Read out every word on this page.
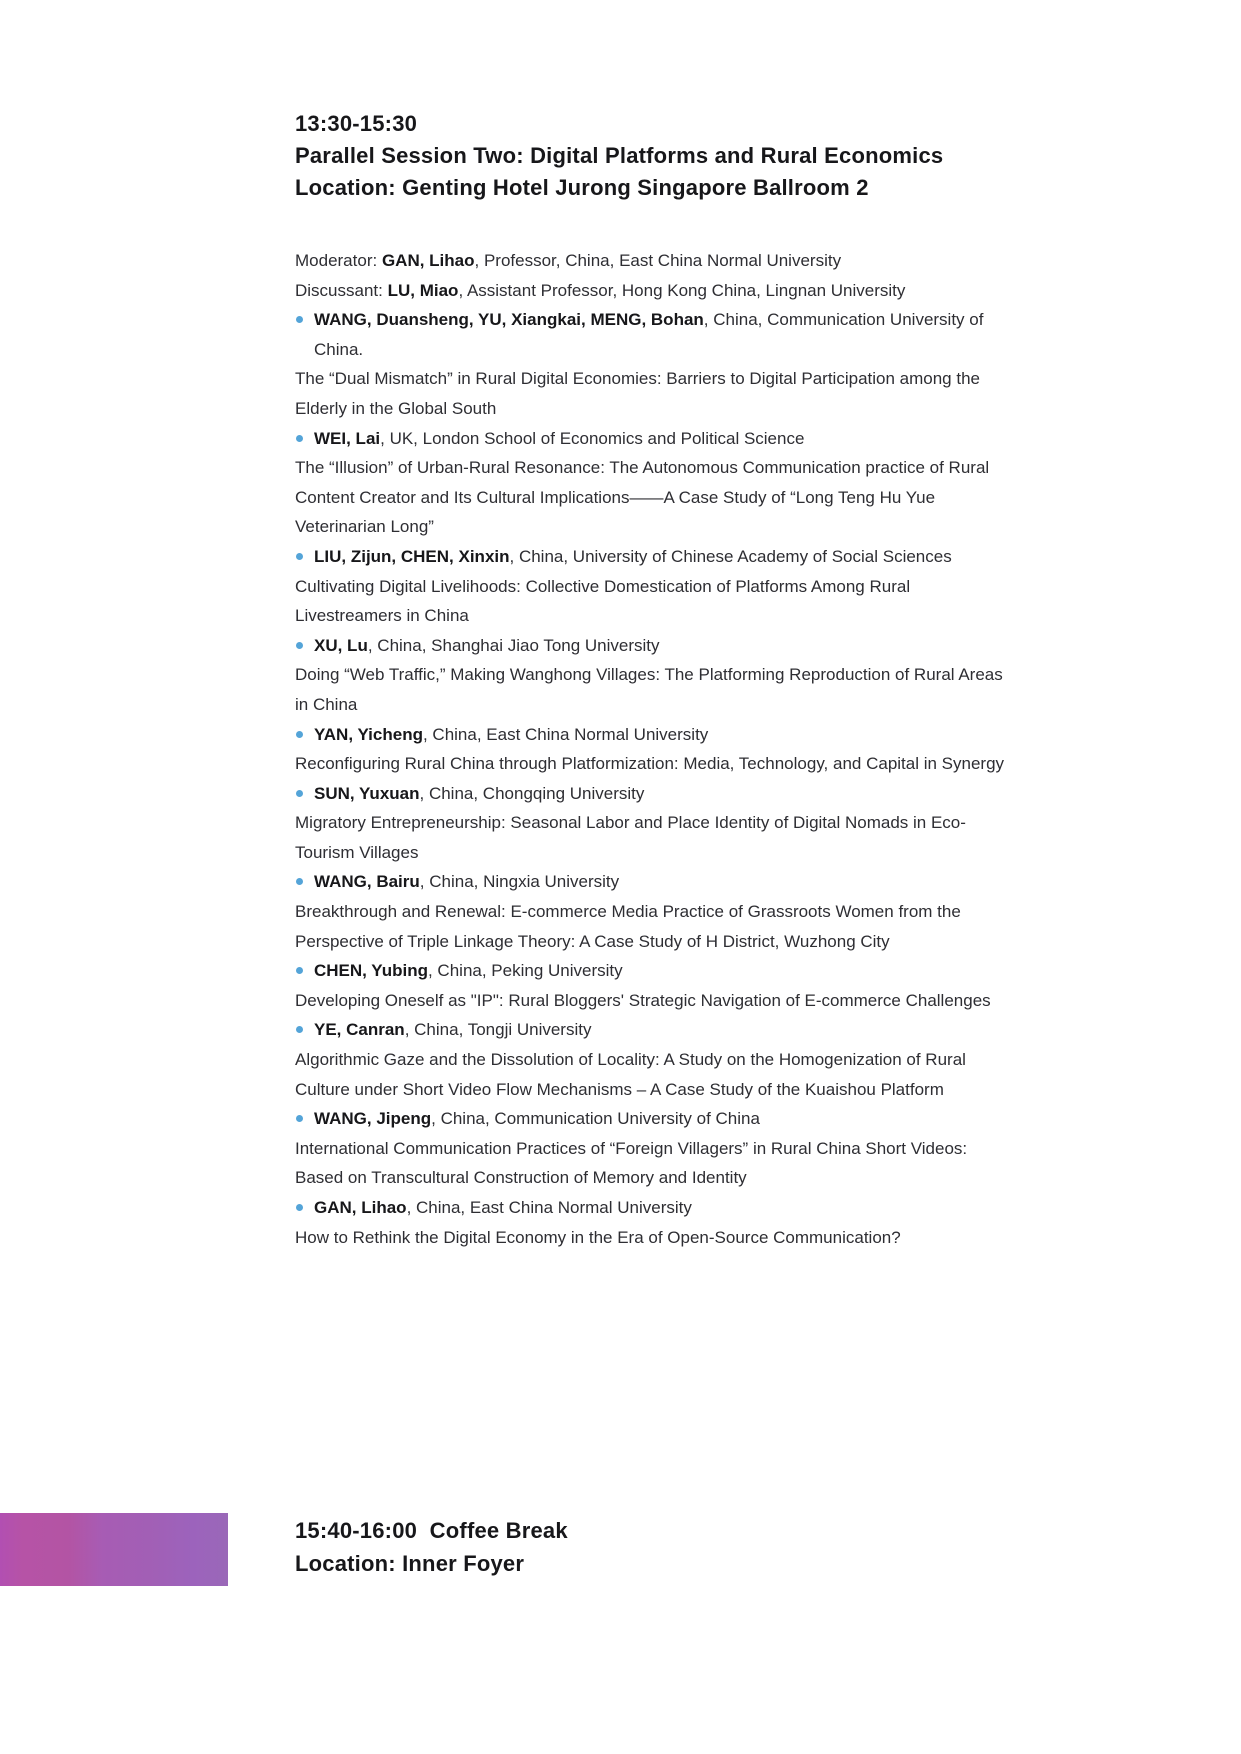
13:30-15:30
Parallel Session Two: Digital Platforms and Rural Economics
Location: Genting Hotel Jurong Singapore Ballroom 2

Moderator: GAN, Lihao, Professor, China, East China Normal University

Discussant: LU, Miao, Assistant Professor, Hong Kong China, Lingnan University

WANG, Duansheng, YU, Xiangkai, MENG, Bohan, China, Communication University of China.

The “Dual Mismatch” in Rural Digital Economies: Barriers to Digital Participation among the Elderly in the Global South

WEI, Lai, UK, London School of Economics and Political Science

The “Illusion” of Urban-Rural Resonance: The Autonomous Communication practice of Rural Content Creator and Its Cultural Implications——A Case Study of “Long Teng Hu Yue Veterinarian Long”

LIU, Zijun, CHEN, Xinxin, China, University of Chinese Academy of Social Sciences

Cultivating Digital Livelihoods: Collective Domestication of Platforms Among Rural Livestreamers in China

XU, Lu, China, Shanghai Jiao Tong University

Doing “Web Traffic,” Making Wanghong Villages: The Platforming Reproduction of Rural Areas in China

YAN, Yicheng, China, East China Normal University

Reconfiguring Rural China through Platformization: Media, Technology, and Capital in Synergy

SUN, Yuxuan, China, Chongqing University

Migratory Entrepreneurship: Seasonal Labor and Place Identity of Digital Nomads in Eco-Tourism Villages

WANG, Bairu, China, Ningxia University

Breakthrough and Renewal: E-commerce Media Practice of Grassroots Women from the Perspective of Triple Linkage Theory: A Case Study of H District, Wuzhong City

CHEN, Yubing, China, Peking University

Developing Oneself as "IP": Rural Bloggers' Strategic Navigation of E-commerce Challenges

YE, Canran, China, Tongji University

Algorithmic Gaze and the Dissolution of Locality: A Study on the Homogenization of Rural Culture under Short Video Flow Mechanisms – A Case Study of the Kuaishou Platform

WANG, Jipeng, China, Communication University of China

International Communication Practices of “Foreign Villagers” in Rural China Short Videos: Based on Transcultural Construction of Memory and Identity

GAN, Lihao, China, East China Normal University

How to Rethink the Digital Economy in the Era of Open-Source Communication?

15:40-16:00  Coffee Break
Location: Inner Foyer
